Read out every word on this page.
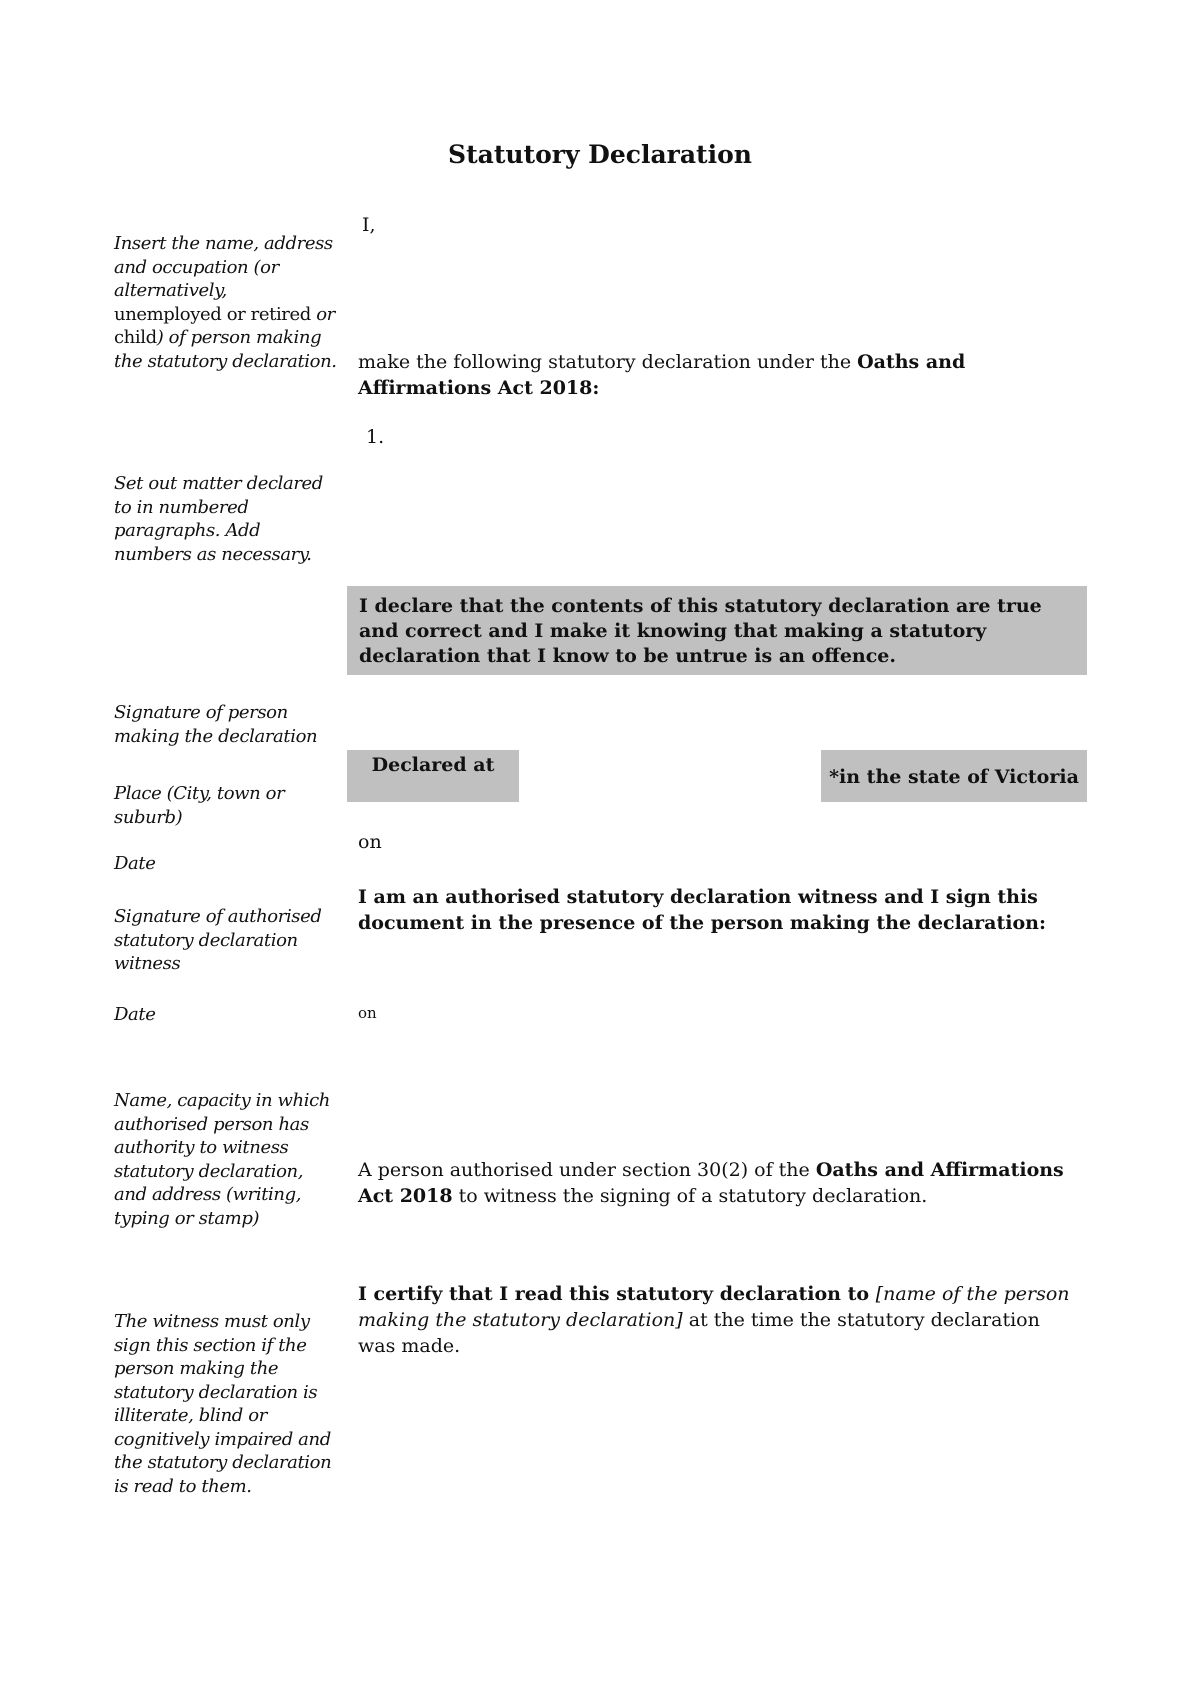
Statutory Declaration
Insert the name, address and occupation (or alternatively, unemployed or retired or child) of person making the statutory declaration.
Set out matter declared to in numbered paragraphs. Add numbers as necessary.
Signature of person making the declaration
Place (City, town or suburb)
Date
Signature of authorised statutory declaration witness
Date
Name, capacity in which authorised person has authority to witness statutory declaration, and address (writing, typing or stamp)
The witness must only sign this section if the person making the statutory declaration is illiterate, blind or cognitively impaired and the statutory declaration is read to them.
I,
make the following statutory declaration under the Oaths and Affirmations Act 2018:
1.
I declare that the contents of this statutory declaration are true and correct and I make it knowing that making a statutory declaration that I know to be untrue is an offence.
Declared at
*in the state of Victoria
on
I am an authorised statutory declaration witness and I sign this document in the presence of the person making the declaration:
on
A person authorised under section 30(2) of the Oaths and Affirmations Act 2018 to witness the signing of a statutory declaration.
I certify that I read this statutory declaration to [name of the person making the statutory declaration] at the time the statutory declaration was made.
